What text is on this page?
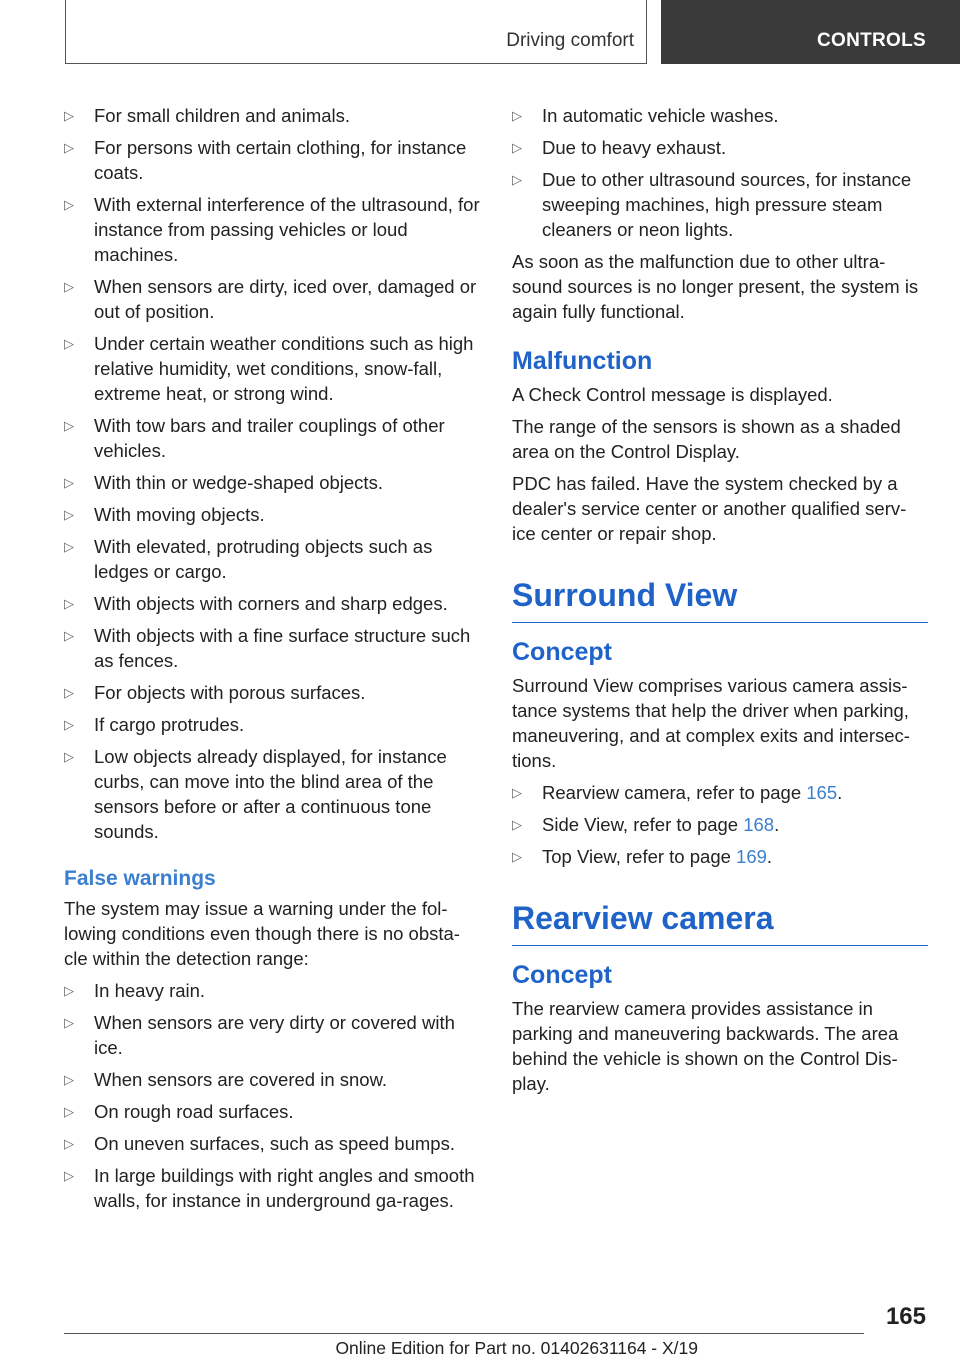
Driving comfort	CONTROLS
▷ For small children and animals.
▷ For persons with certain clothing, for instance coats.
▷ With external interference of the ultrasound, for instance from passing vehicles or loud machines.
▷ When sensors are dirty, iced over, damaged or out of position.
▷ Under certain weather conditions such as high relative humidity, wet conditions, snow-fall, extreme heat, or strong wind.
▷ With tow bars and trailer couplings of other vehicles.
▷ With thin or wedge-shaped objects.
▷ With moving objects.
▷ With elevated, protruding objects such as ledges or cargo.
▷ With objects with corners and sharp edges.
▷ With objects with a fine surface structure such as fences.
▷ For objects with porous surfaces.
▷ If cargo protrudes.
▷ Low objects already displayed, for instance curbs, can move into the blind area of the sensors before or after a continuous tone sounds.
False warnings

The system may issue a warning under the fol-lowing conditions even though there is no obsta-cle within the detection range:

▷ In heavy rain.
▷ When sensors are very dirty or covered with ice.
▷ When sensors are covered in snow.
▷ On rough road surfaces.
▷ On uneven surfaces, such as speed bumps.
▷ In large buildings with right angles and smooth walls, for instance in underground ga-rages.
▷ In automatic vehicle washes.
▷ Due to heavy exhaust.
▷ Due to other ultrasound sources, for instance sweeping machines, high pressure steam cleaners or neon lights.

As soon as the malfunction due to other ultra-sound sources is no longer present, the system is again fully functional.

Malfunction

A Check Control message is displayed.

The range of the sensors is shown as a shaded area on the Control Display.

PDC has failed. Have the system checked by a dealer's service center or another qualified serv-ice center or repair shop.

Surround View
Concept

Surround View comprises various camera assis-tance systems that help the driver when parking, maneuvering, and at complex exits and intersec-tions.

▷ Rearview camera, refer to page 165.
▷ Side View, refer to page 168.
▷ Top View, refer to page 169.
Rearview camera
Concept

The rearview camera provides assistance in parking and maneuvering backwards. The area behind the vehicle is shown on the Control Dis-play.

165
Online Edition for Part no. 01402631164 - X/19
